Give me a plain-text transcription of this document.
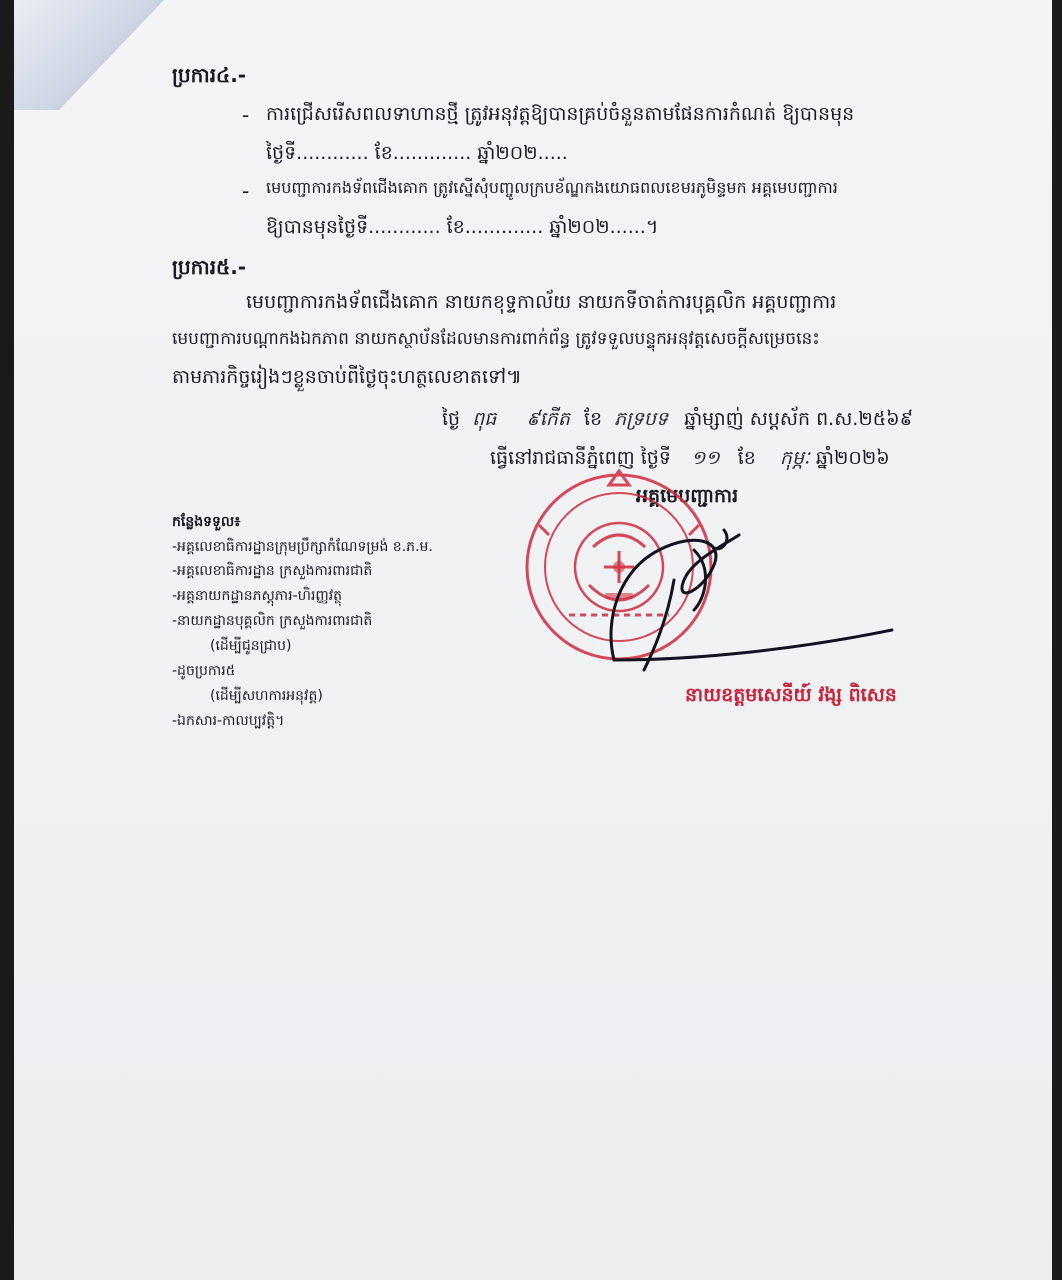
ប្រការ៤.-
- ការជ្រើសរើសពលទាហានថ្មី ត្រូវអនុវត្តឱ្យបានគ្រប់ចំនួនតាមផែនការកំណត់ ឱ្យបានមុន
ថ្ងៃទី............ ខែ............. ឆ្នាំ២០២.....
- មេបញ្ជាការកងទ័ពជើងគោក ត្រូវស្នើសុំបញ្ចូលក្របខ័ណ្ឌកងយោធពលខេមរភូមិន្ទមក អគ្គមេបញ្ជាការ
ឱ្យបានមុនថ្ងៃទី............ ខែ............. ឆ្នាំ២០២......។
ប្រការ៥.-
មេបញ្ជាការកងទ័ពជើងគោក នាយកខុទ្ទកាល័យ នាយកទីចាត់ការបុគ្គលិក អគ្គបញ្ជាការ
មេបញ្ជាការបណ្តាកងឯកភាព នាយកស្ថាប័នដែលមានការពាក់ព័ន្ធ ត្រូវទទួលបន្ទុកអនុវត្តសេចក្ដីសម្រេចនេះ
តាមភារកិច្ចរៀងៗខ្លួនចាប់ពីថ្ងៃចុះហត្ថលេខាតទៅ៕
ថ្ងៃ ពុធ ៩កើត ខែ ភទ្របទ ឆ្នាំម្សាញ់ សប្តស័ក ព.ស.២៥៦៩
ធ្វើនៅរាជធានីភ្នំពេញ ថ្ងៃទី ១១ ខែ កុម្ភៈ ឆ្នាំ២០២៦
អគ្គមេបញ្ជាការ
នាយឧត្តមសេនីយ៍ វង្ស ពិសេន
កន្លែងទទួល៖
-អគ្គលេខាធិការដ្ឋានក្រុមប្រឹក្សាកំណែទម្រង់ ខ.ភ.ម.
-អគ្គលេខាធិការដ្ឋាន ក្រសួងការពារជាតិ
-អគ្គនាយកដ្ឋានភស្តុភារ-ហិរញ្ញវត្ថុ
-នាយកដ្ឋានបុគ្គលិក ក្រសួងការពារជាតិ
(ដើម្បីជូនជ្រាប)
-ដូចប្រការ៥
(ដើម្បីសហការអនុវត្ត)
-ឯកសារ-កាលប្បវត្តិ។
